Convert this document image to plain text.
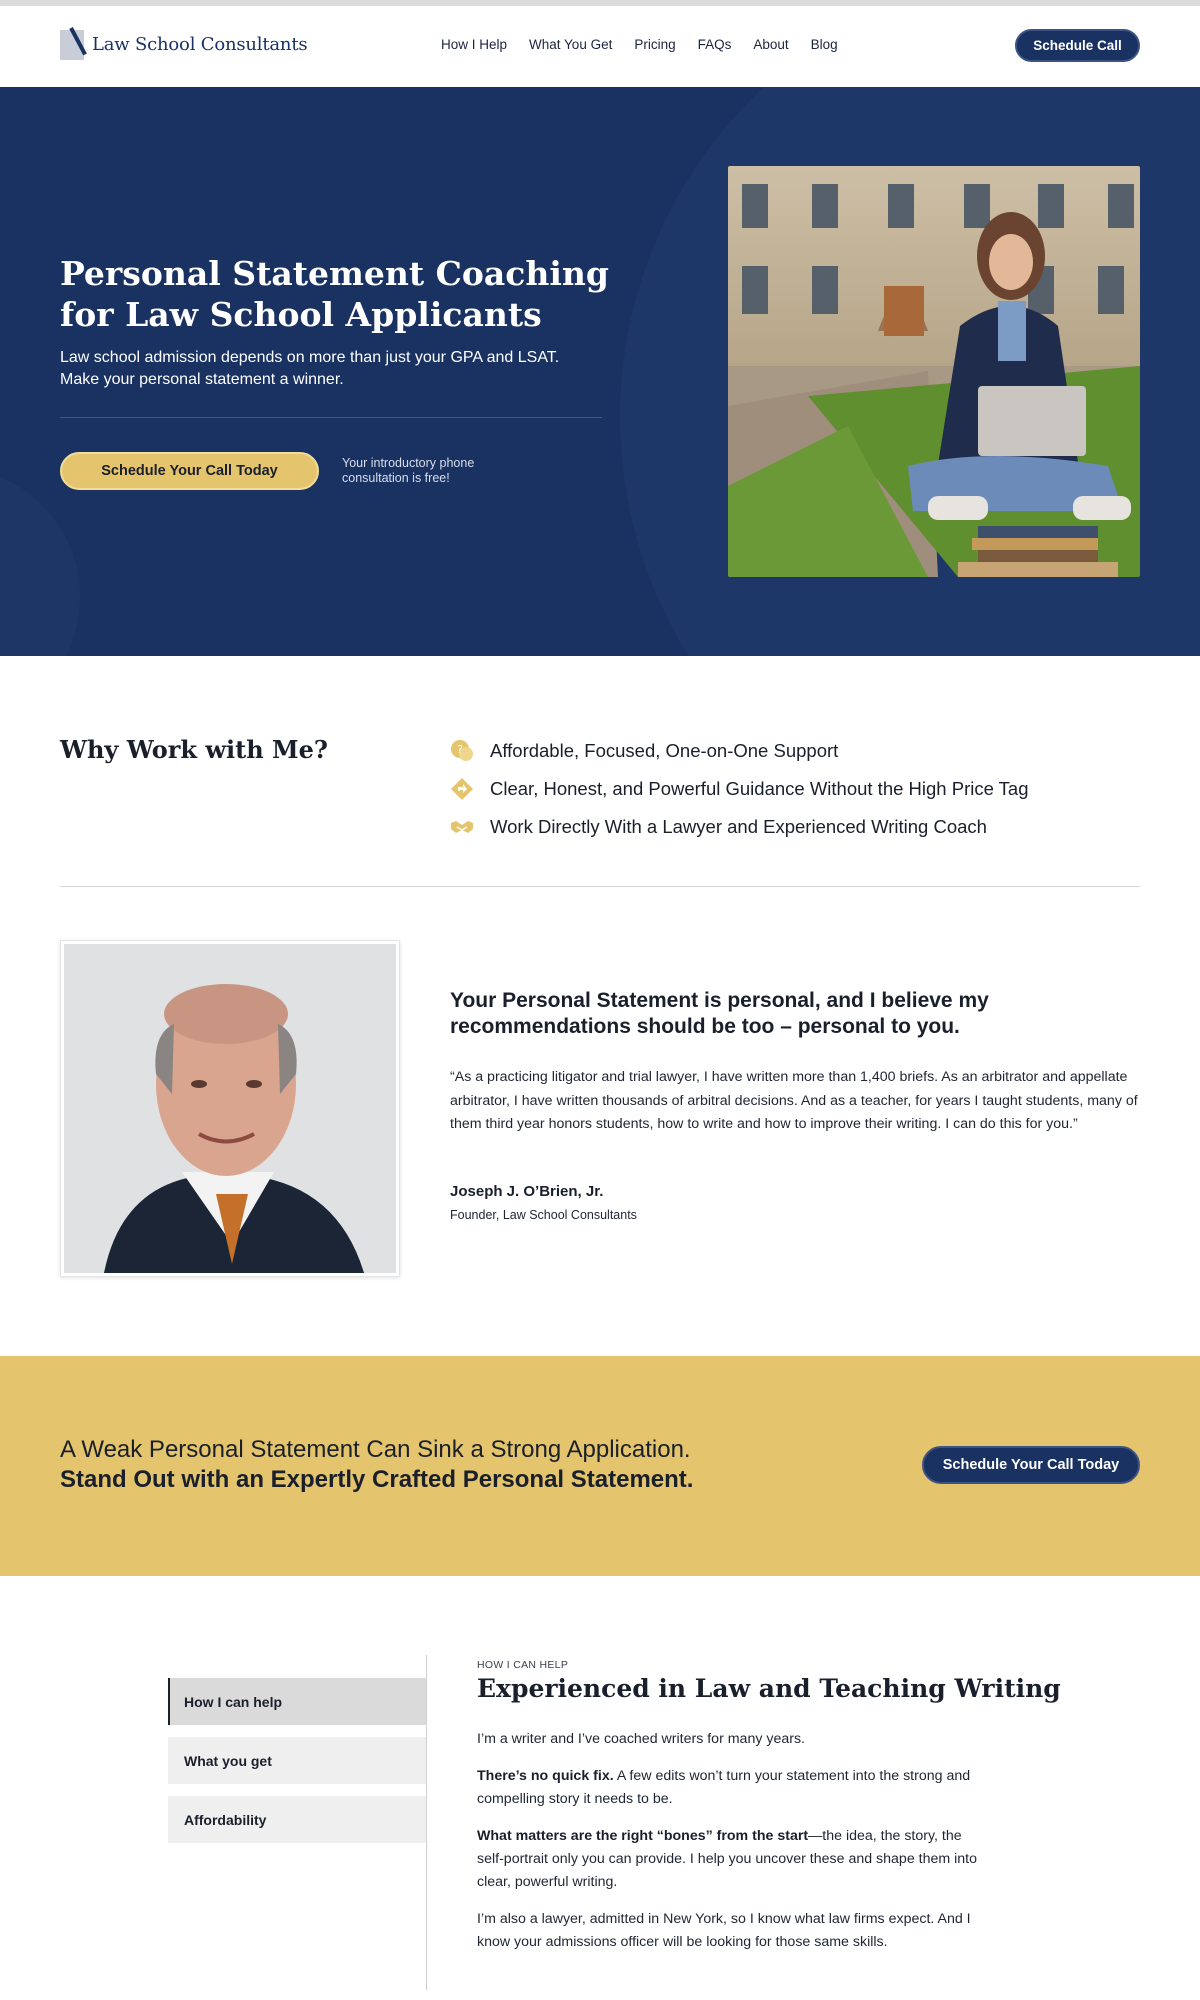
Law School Consultants	How I Help What You Get Pricing FAQs About Blog	Schedule Call
Personal Statement Coaching
for Law School Applicants

Law school admission depends on more than just your GPA and LSAT.
Make your personal statement a winner.

Schedule Your Call Today	Your introductory phone
consultation is free!

Why Work with Me?	? Affordable, Focused, One-on-One Support
Clear, Honest, and Powerful Guidance Without the High Price Tag
Work Directly With a Lawyer and Experienced Writing Coach
Your Personal Statement is personal, and I believe my
recommendations should be too – personal to you.

“As a practicing litigator and trial lawyer, I have written more than 1,400 briefs. As an arbitrator and appellate arbitrator, I have written thousands of arbitral decisions. And as a teacher, for years I taught students, many of them third year honors students, how to write and how to improve their writing. I can do this for you.”

Joseph J. O’Brien, Jr.
Founder, Law School Consultants
A Weak Personal Statement Can Sink a Strong Application.
Stand Out with an Expertly Crafted Personal Statement.
Schedule Your Call Today
How I can help
What you get
Affordability
HOW I CAN HELP
Experienced in Law and Teaching Writing

I’m a writer and I’ve coached writers for many years.

There’s no quick fix. A few edits won’t turn your statement into the strong and compelling story it needs to be.

What matters are the right “bones” from the start—the idea, the story, the self-portrait only you can provide. I help you uncover these and shape them into clear, powerful writing.

I’m also a lawyer, admitted in New York, so I know what law firms expect. And I know your admissions officer will be looking for those same skills.
